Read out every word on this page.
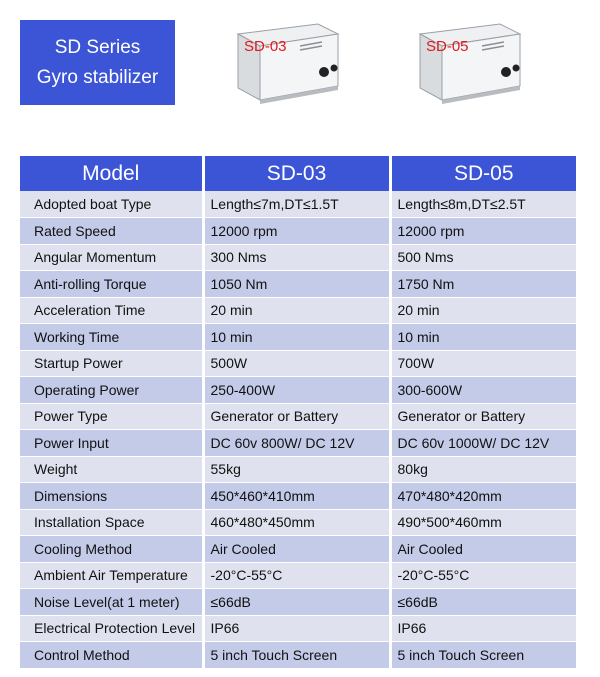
SD Series
Gyro stabilizer
SD-03	SD-05
Model	SD-03	SD-05
Adopted boat Type	Length≤7m,DT≤1.5T	Length≤8m,DT≤2.5T
Rated Speed	12000 rpm	12000 rpm
Angular Momentum	300 Nms	500 Nms
Anti-rolling Torque	1050 Nm	1750 Nm
Acceleration Time	20 min	20 min
Working Time	10 min	10 min
Startup Power	500W	700W
Operating Power	250-400W	300-600W
Power Type	Generator or Battery	Generator or Battery
Power Input	DC 60v 800W/ DC 12V	DC 60v 1000W/ DC 12V
Weight	55kg	80kg
Dimensions	450*460*410mm	470*480*420mm
Installation Space	460*480*450mm	490*500*460mm
Cooling Method	Air Cooled	Air Cooled
Ambient Air Temperature	-20°C-55°C	-20°C-55°C
Noise Level(at 1 meter)	≤66dB	≤66dB
Electrical Protection Level	IP66	IP66
Control Method	5 inch Touch Screen	5 inch Touch Screen
